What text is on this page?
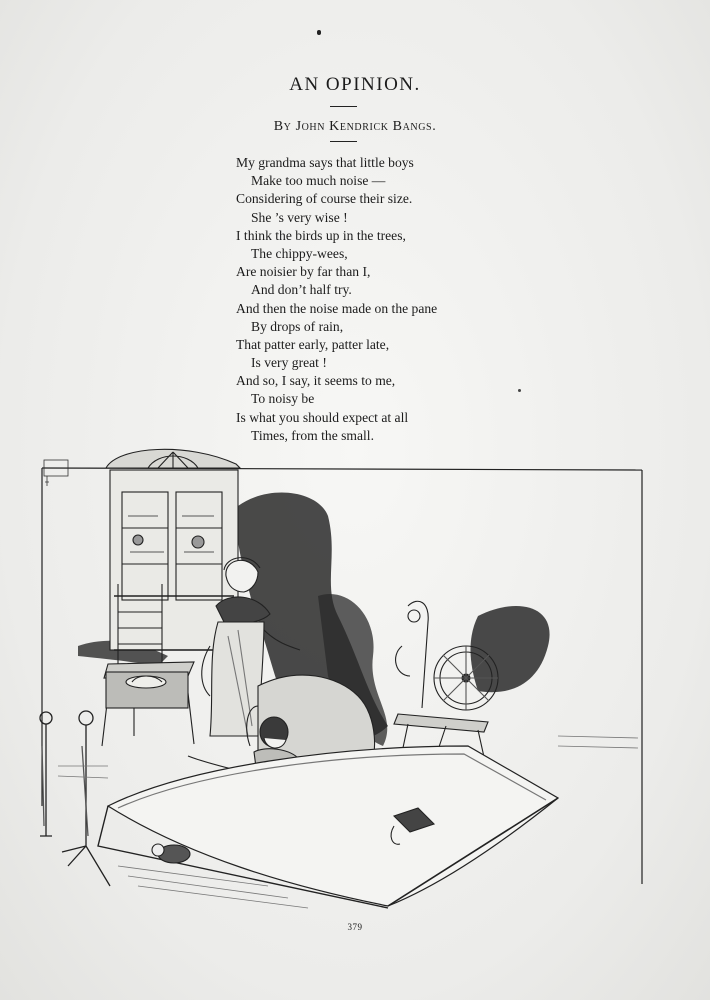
AN OPINION.
By John Kendrick Bangs.
My grandma says that little boys
Make too much noise —
Considering of course their size.
She ’s very wise !
I think the birds up in the trees,
The chippy-wees,
Are noisier by far than I,
And don’t half try.
And then the noise made on the pane
By drops of rain,
That patter early, patter late,
Is very great !
And so, I say, it seems to me,
To noisy be
Is what you should expect at all
Times, from the small.
379
